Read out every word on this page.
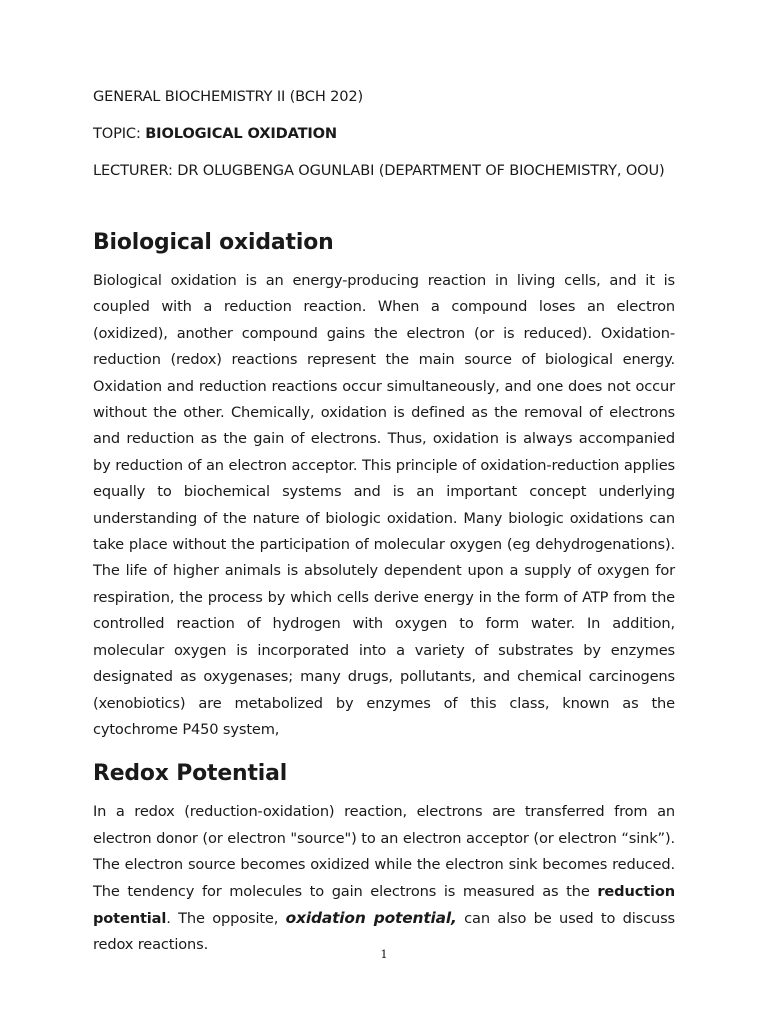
GENERAL BIOCHEMISTRY II (BCH 202)

TOPIC: BIOLOGICAL OXIDATION

LECTURER: DR OLUGBENGA OGUNLABI (DEPARTMENT OF BIOCHEMISTRY, OOU)

Biological oxidation

Biological oxidation is an energy-producing reaction in living cells, and it is coupled with a reduction reaction. When a compound loses an electron (oxidized), another compound gains the electron (or is reduced). Oxidation-reduction (redox) reactions represent the main source of biological energy. Oxidation and reduction reactions occur simultaneously, and one does not occur without the other. Chemically, oxidation is defined as the removal of electrons and reduction as the gain of electrons. Thus, oxidation is always accompanied by reduction of an electron acceptor. This principle of oxidation-reduction applies equally to biochemical systems and is an important concept underlying understanding of the nature of biologic oxidation. Many biologic oxidations can take place without the participation of molecular oxygen (eg dehydrogenations). The life of higher animals is absolutely dependent upon a supply of oxygen for respiration, the process by which cells derive energy in the form of ATP from the controlled reaction of hydrogen with oxygen to form water. In addition, molecular oxygen is incorporated into a variety of substrates by enzymes designated as oxygenases; many drugs, pollutants, and chemical carcinogens (xenobiotics) are metabolized by enzymes of this class, known as the cytochrome P450 system,

Redox Potential

In a redox (reduction-oxidation) reaction, electrons are transferred from an electron donor (or electron "source") to an electron acceptor (or electron “sink”). The electron source becomes oxidized while the electron sink becomes reduced. The tendency for molecules to gain electrons is measured as the reduction potential. The opposite, oxidation potential, can also be used to discuss redox reactions.

1
